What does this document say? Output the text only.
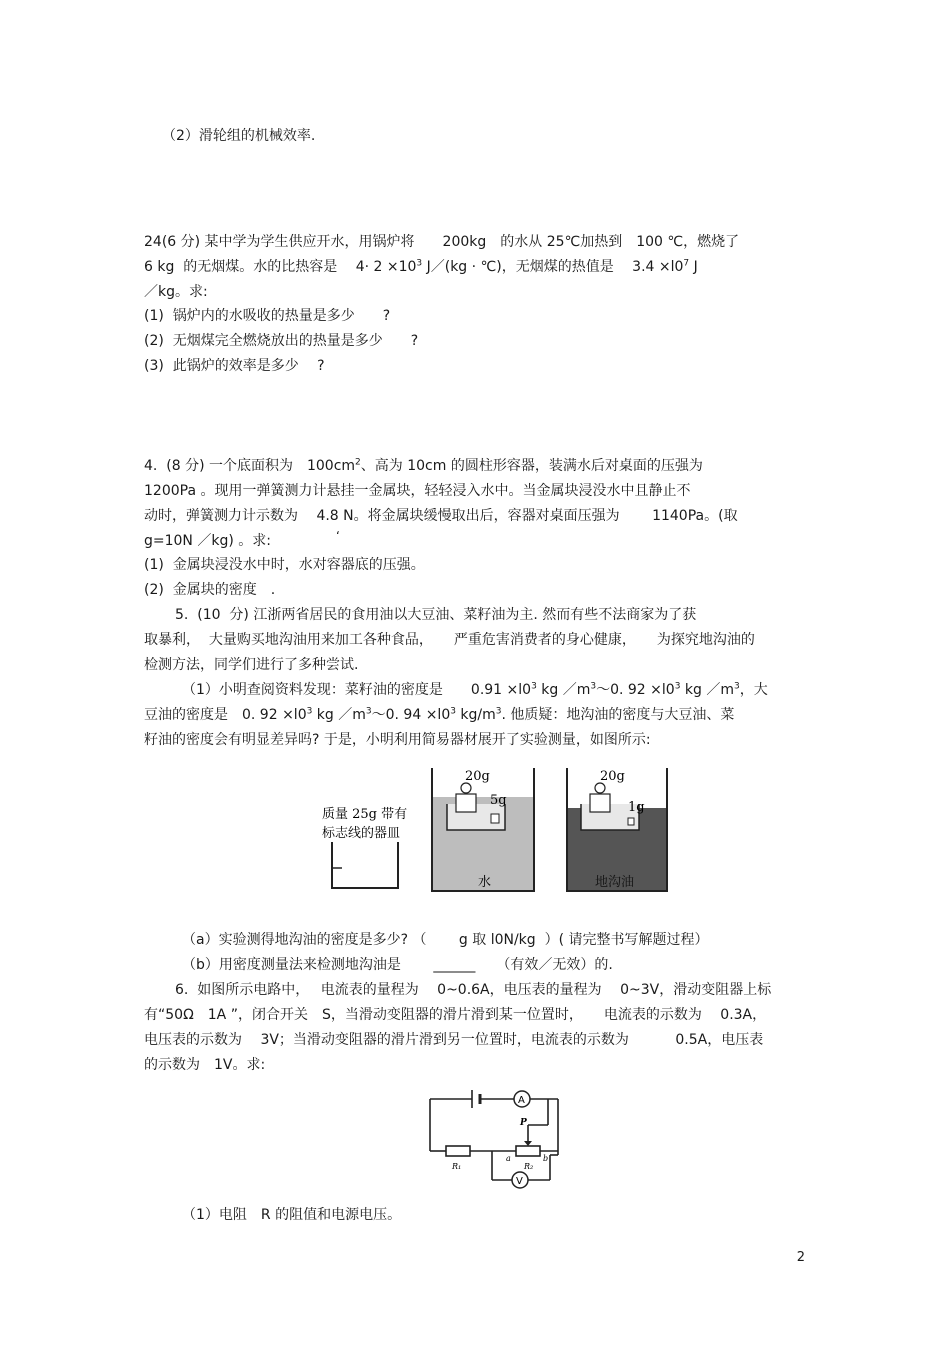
（2）滑轮组的机械效率.
24(6 分) 某中学为学生供应开水，用锅炉将　　200kg　的水从 25℃加热到　100 ℃，燃烧了
6 kg  的无烟煤。水的比热容是　 $4\cdot 2 \times 10^3$ J／(kg · ℃)，无烟煤的热值是　 $3.4 \times l0^7$ J
／kg。求:
(1)  锅炉内的水吸收的热量是多少　　?
(2)  无烟煤完全燃烧放出的热量是多少　　?
(3)  此锅炉的效率是多少　 ?
4.  (8 分) 一个底面积为　$100cm^2$、高为 10cm 的圆柱形容器，装满水后对桌面的压强为
1200Pa 。现用一弹簧测力计悬挂一金属块，轻轻浸入水中。当金属块浸没水中且静止不
动时，弹簧测力计示数为　 4.8 N。将金属块缓慢取出后，容器对桌面压强为　　 1140Pa。(取
g=10N ／kg) 。求:	‘
(1)  金属块浸没水中时，水对容器底的压强。
(2)  金属块的密度　.
5.  (10  分) 江浙两省居民的食用油以大豆油、菜籽油为主. 然而有些不法商家为了获
取暴利，  大量购买地沟油用来加工各种食品，　　严重危害消费者的身心健康，　　为探究地沟油的
检测方法，同学们进行了多种尝试.
（1）小明查阅资料发现：菜籽油的密度是　　$0.91 \times l0^3$ kg $/m^3\sim 0$. $92 \times l0^3$ kg $/m^3$，大
豆油的密度是　0. $92 \times l0^3$ kg $/m^3\sim 0$. $94 \times l0^3$ $kg/m^3$. 他质疑：地沟油的密度与大豆油、菜
籽油的密度会有明显差异吗? 于是，小明利用简易器材展开了实验测量，如图所示:
质量 25g 带有
标志线的器皿
20g
5g
水
20g
1g
地沟油
（a）实验测得地沟油的密度是多少? （　　 g 取 l0N/kg  ）( 请完整书写解题过程）
（b）用密度测量法来检测地沟油是　　 ______　　（有效／无效）的.
6.  如图所示电路中，　 电流表的量程为　 0~0.6A，电压表的量程为　 0~3V，滑动变阻器上标
有“50Ω　1A ”，闭合开关　S，当滑动变阻器的滑片滑到某一位置时，　　电流表的示数为　 0.3A，
电压表的示数为　 3V；当滑动变阻器的滑片滑到另一位置时，电流表的示数为　　　 0.5A，电压表
的示数为　1V。求:
A
V
R₁	R₂
P
a	b
（1）电阻　R 的阻值和电源电压。
2
